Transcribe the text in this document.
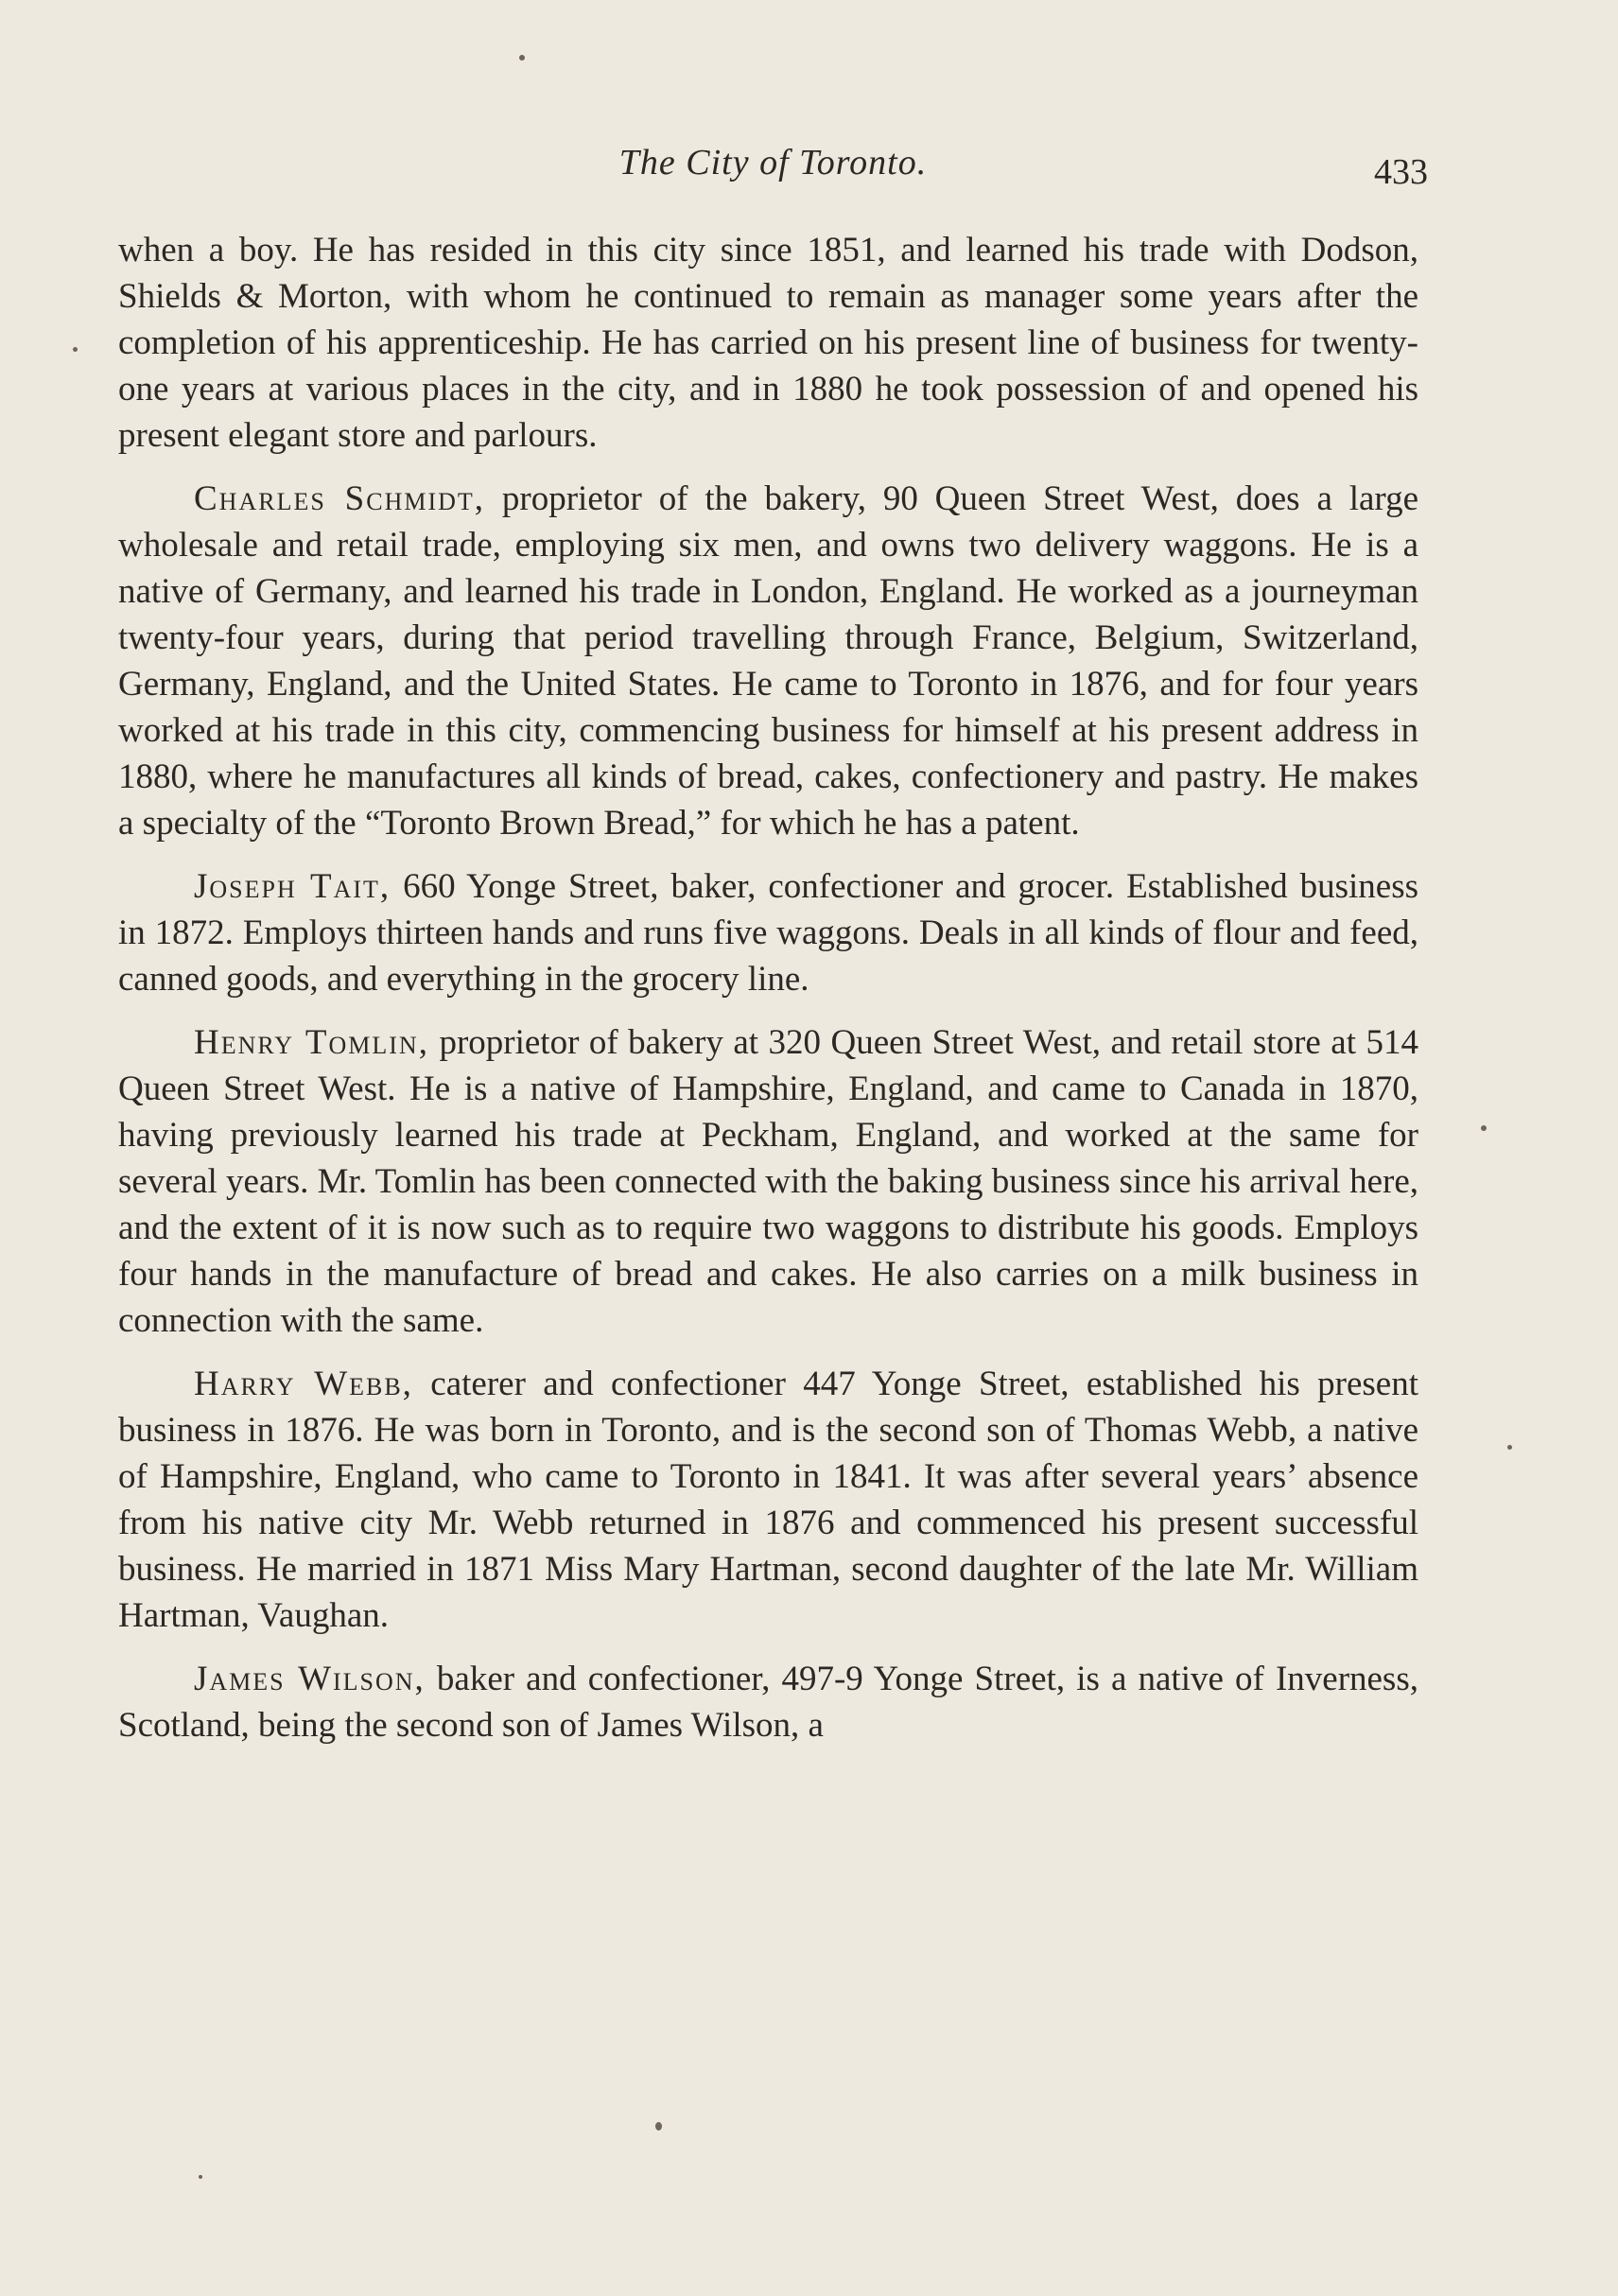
The City of Toronto.	433

when a boy. He has resided in this city since 1851, and learned his trade with Dodson, Shields & Morton, with whom he continued to remain as manager some years after the completion of his apprenticeship. He has carried on his present line of business for twenty-one years at various places in the city, and in 1880 he took possession of and opened his present elegant store and parlours.

Charles Schmidt, proprietor of the bakery, 90 Queen Street West, does a large wholesale and retail trade, employing six men, and owns two delivery waggons. He is a native of Germany, and learned his trade in London, England. He worked as a journeyman twenty-four years, during that period travelling through France, Belgium, Switzerland, Germany, England, and the United States. He came to Toronto in 1876, and for four years worked at his trade in this city, commencing business for himself at his present address in 1880, where he manufactures all kinds of bread, cakes, confectionery and pastry. He makes a specialty of the “Toronto Brown Bread,” for which he has a patent.

Joseph Tait, 660 Yonge Street, baker, confectioner and grocer. Established business in 1872. Employs thirteen hands and runs five waggons. Deals in all kinds of flour and feed, canned goods, and everything in the grocery line.

Henry Tomlin, proprietor of bakery at 320 Queen Street West, and retail store at 514 Queen Street West. He is a native of Hampshire, England, and came to Canada in 1870, having previously learned his trade at Peckham, England, and worked at the same for several years. Mr. Tomlin has been connected with the baking business since his arrival here, and the extent of it is now such as to require two waggons to distribute his goods. Employs four hands in the manufacture of bread and cakes. He also carries on a milk business in connection with the same.

Harry Webb, caterer and confectioner 447 Yonge Street, established his present business in 1876. He was born in Toronto, and is the second son of Thomas Webb, a native of Hampshire, England, who came to Toronto in 1841. It was after several years’ absence from his native city Mr. Webb returned in 1876 and commenced his present successful business. He married in 1871 Miss Mary Hartman, second daughter of the late Mr. William Hartman, Vaughan.

James Wilson, baker and confectioner, 497-9 Yonge Street, is a native of Inverness, Scotland, being the second son of James Wilson, a
